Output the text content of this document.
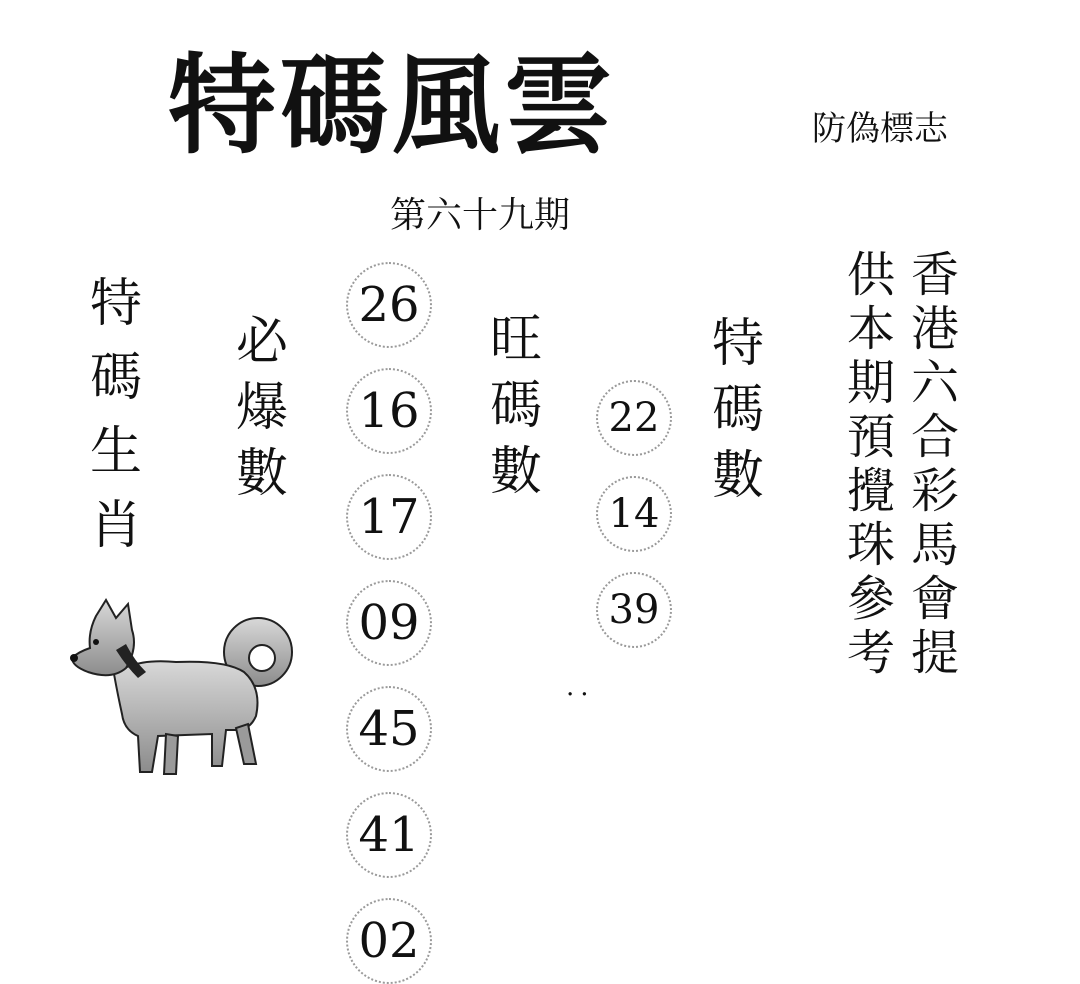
特碼風雲	防偽標志
第六十九期
特
碼
生
肖
必
爆
數
26
16
17
09
45
41
02
旺
碼
數
22
14
39
..
特
碼
數
供
本
期
預
攪
珠
參
考
香
港
六
合
彩
馬
會
提
